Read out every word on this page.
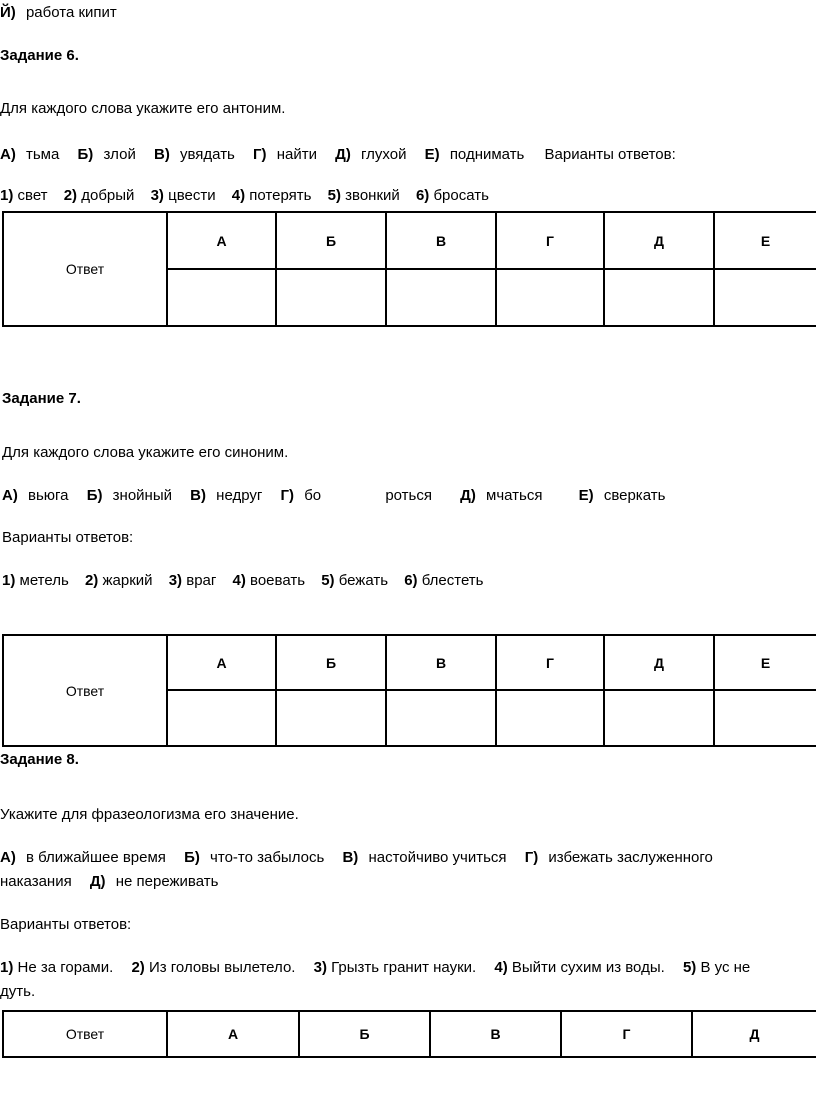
Й) работа кипит
Задание 6.
Для каждого слова укажите его антоним.
А) тьма Б) злой В) увядать Г) найти Д) глухой Е) поднимать Варианты ответов:
1) свет 2) добрый 3) цвести 4) потерять 5) звонкий 6) бросать
Ответ	А	Б	В	Г	Д	Е

Задание 7.
Для каждого слова укажите его синоним.
А) вьюга Б) знойный В) недруг Г) бо	роться Д) мчаться Е) сверкать
Варианты ответов:
1) метель 2) жаркий 3) враг 4) воевать 5) бежать 6) блестеть
Ответ	А	Б	В	Г	Д	Е

Задание 8.
Укажите для фразеологизма его значение.
А) в ближайшее время Б) что-то забылось В) настойчиво учиться Г) избежать заслуженного
наказания Д) не переживать
Варианты ответов:
1) Не за горами. 2) Из головы вылетело. 3) Грызть гранит науки. 4) Выйти сухим из воды. 5) В ус не
дуть.
Ответ	А	Б	В	Г	Д
